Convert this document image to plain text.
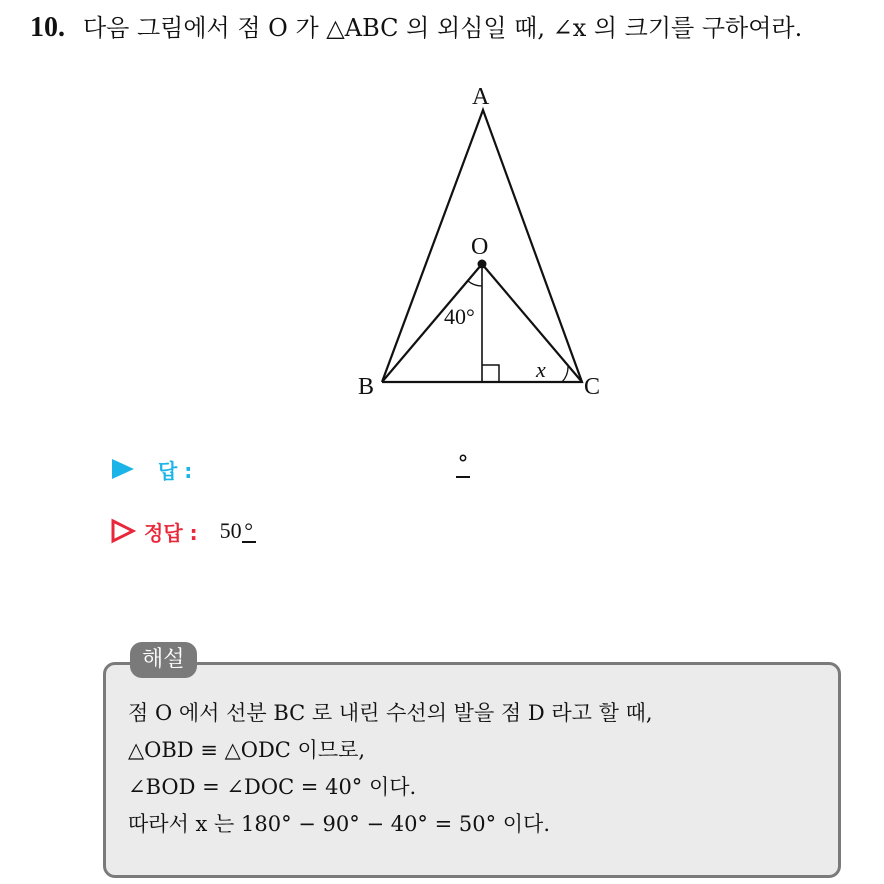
10. 다음 그림에서 점 O 가 △ABC 의 외심일 때, ∠x 의 크기를 구하여라.
A
O
B	C
40°
x
답 :	°
정답 : 50 °
해설
점 O 에서 선분 BC 로 내린 수선의 발을 점 D 라고 할 때,
△OBD ≡ △ODC 이므로,
∠BOD = ∠DOC = 40° 이다.
따라서 x 는 180° − 90° − 40° = 50° 이다.
